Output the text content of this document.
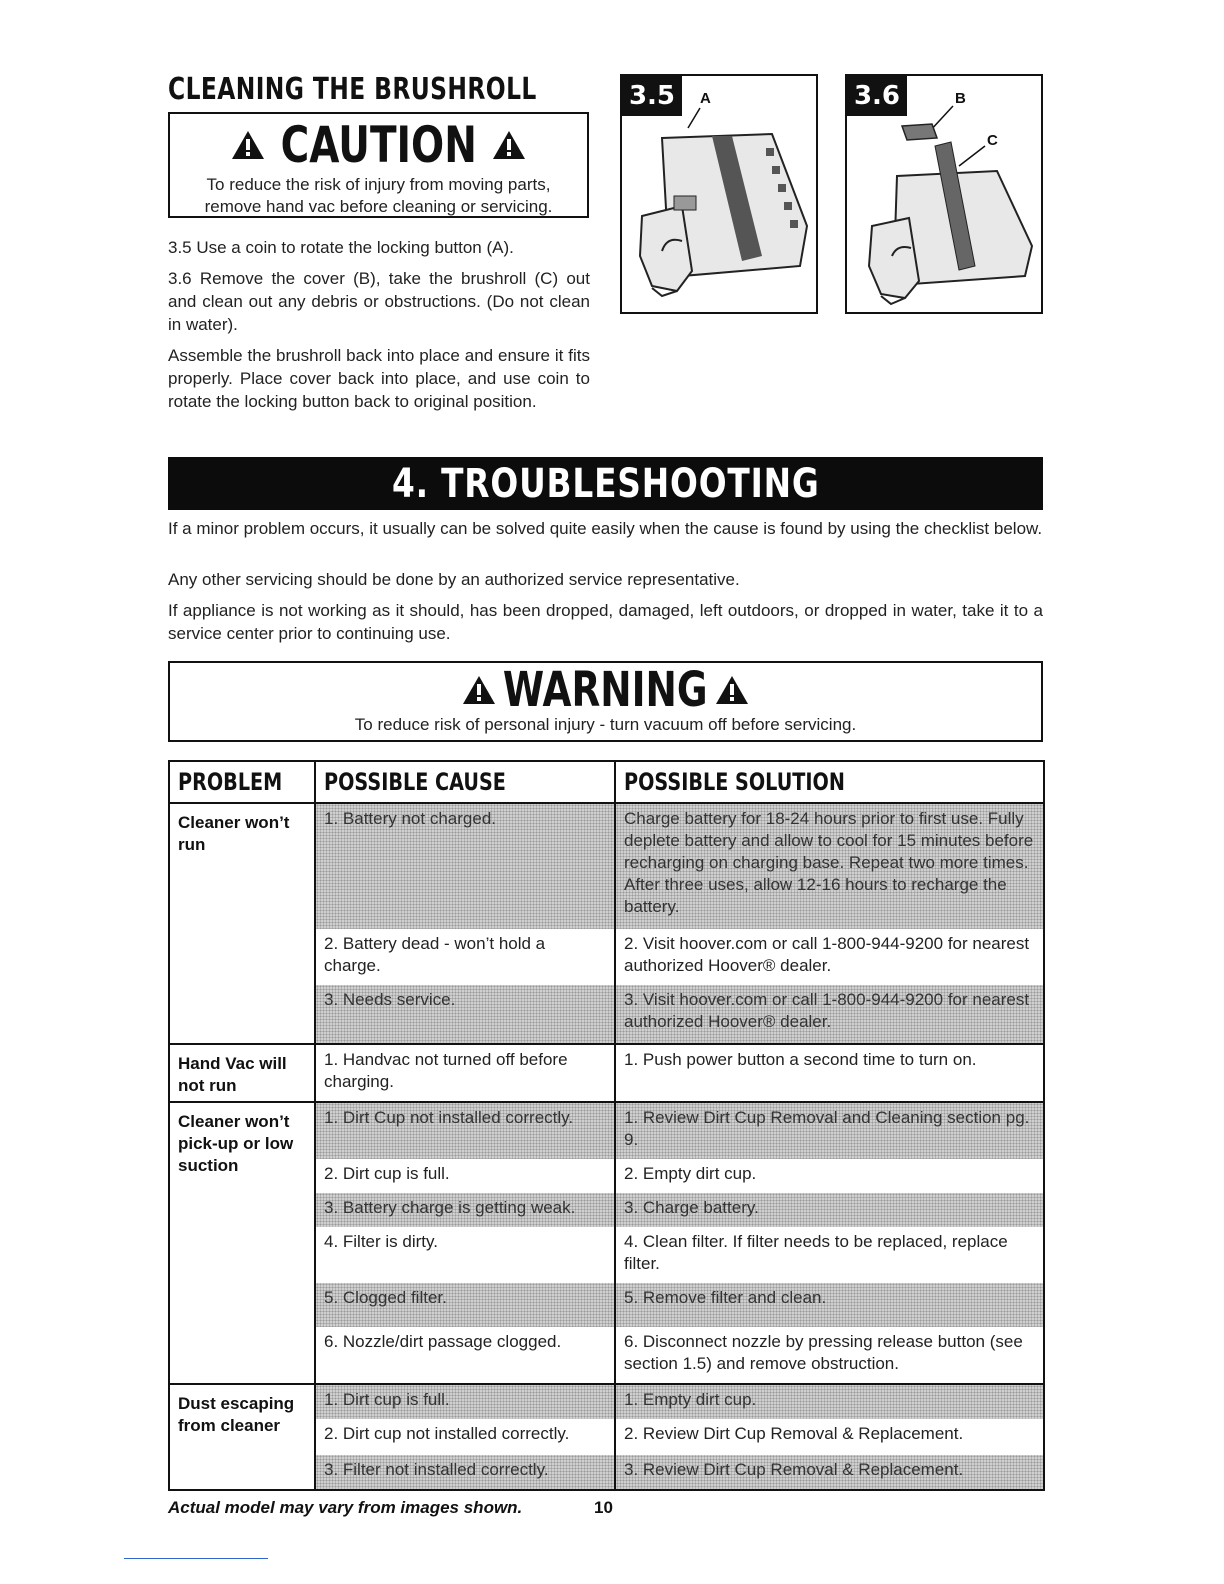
CLEANING THE BRUSHROLL
CAUTION
To reduce the risk of injury from moving parts,
remove hand vac before cleaning or servicing.
3.5 Use a coin to rotate the locking button (A).
3.6 Remove the cover (B), take the brushroll (C) out and clean out any debris or obstructions. (Do not clean in water).
Assemble the brushroll back into place and ensure it fits properly. Place cover back into place, and use coin to rotate the locking button back to original position.
3.5	A	3.6	B
C
4. TROUBLESHOOTING
If a minor problem occurs, it usually can be solved quite easily when the cause is found by using the checklist below.
Any other servicing should be done by an authorized service representative.
If appliance is not working as it should, has been dropped, damaged, left outdoors, or dropped in water, take it to a service center prior to continuing use.
WARNING
To reduce risk of personal injury - turn vacuum off before servicing.
PROBLEM	POSSIBLE CAUSE	POSSIBLE SOLUTION
Cleaner won’t run	1. Battery not charged.	Charge battery for 18-24 hours prior to first use. Fully deplete battery and allow to cool for 15 minutes before recharging on charging base. Repeat two more times. After three uses, allow 12-16 hours to recharge the battery.
	2. Battery dead - won’t hold a charge.	2. Visit hoover.com or call 1-800-944-9200 for nearest authorized Hoover® dealer.
	3. Needs service.	3. Visit hoover.com or call 1-800-944-9200 for nearest authorized Hoover® dealer.
Hand Vac will not run	1. Handvac not turned off before charging.	1. Push power button a second time to turn on.
Cleaner won’t pick-up or low suction	1. Dirt Cup not installed correctly.	1. Review Dirt Cup Removal and Cleaning section pg. 9.
	2. Dirt cup is full.	2. Empty dirt cup.
	3. Battery charge is getting weak.	3. Charge battery.
	4. Filter is dirty.	4. Clean filter. If filter needs to be replaced, replace filter.
	5. Clogged filter.	5. Remove filter and clean.
	6. Nozzle/dirt passage clogged.	6. Disconnect nozzle by pressing release button (see section 1.5) and remove obstruction.
Dust escaping from cleaner	1. Dirt cup is full.	1. Empty dirt cup.
	2. Dirt cup not installed correctly.	2. Review Dirt Cup Removal & Replacement.
	3. Filter not installed correctly.	3. Review Dirt Cup Removal & Replacement.
Actual model may vary from images shown.	10
